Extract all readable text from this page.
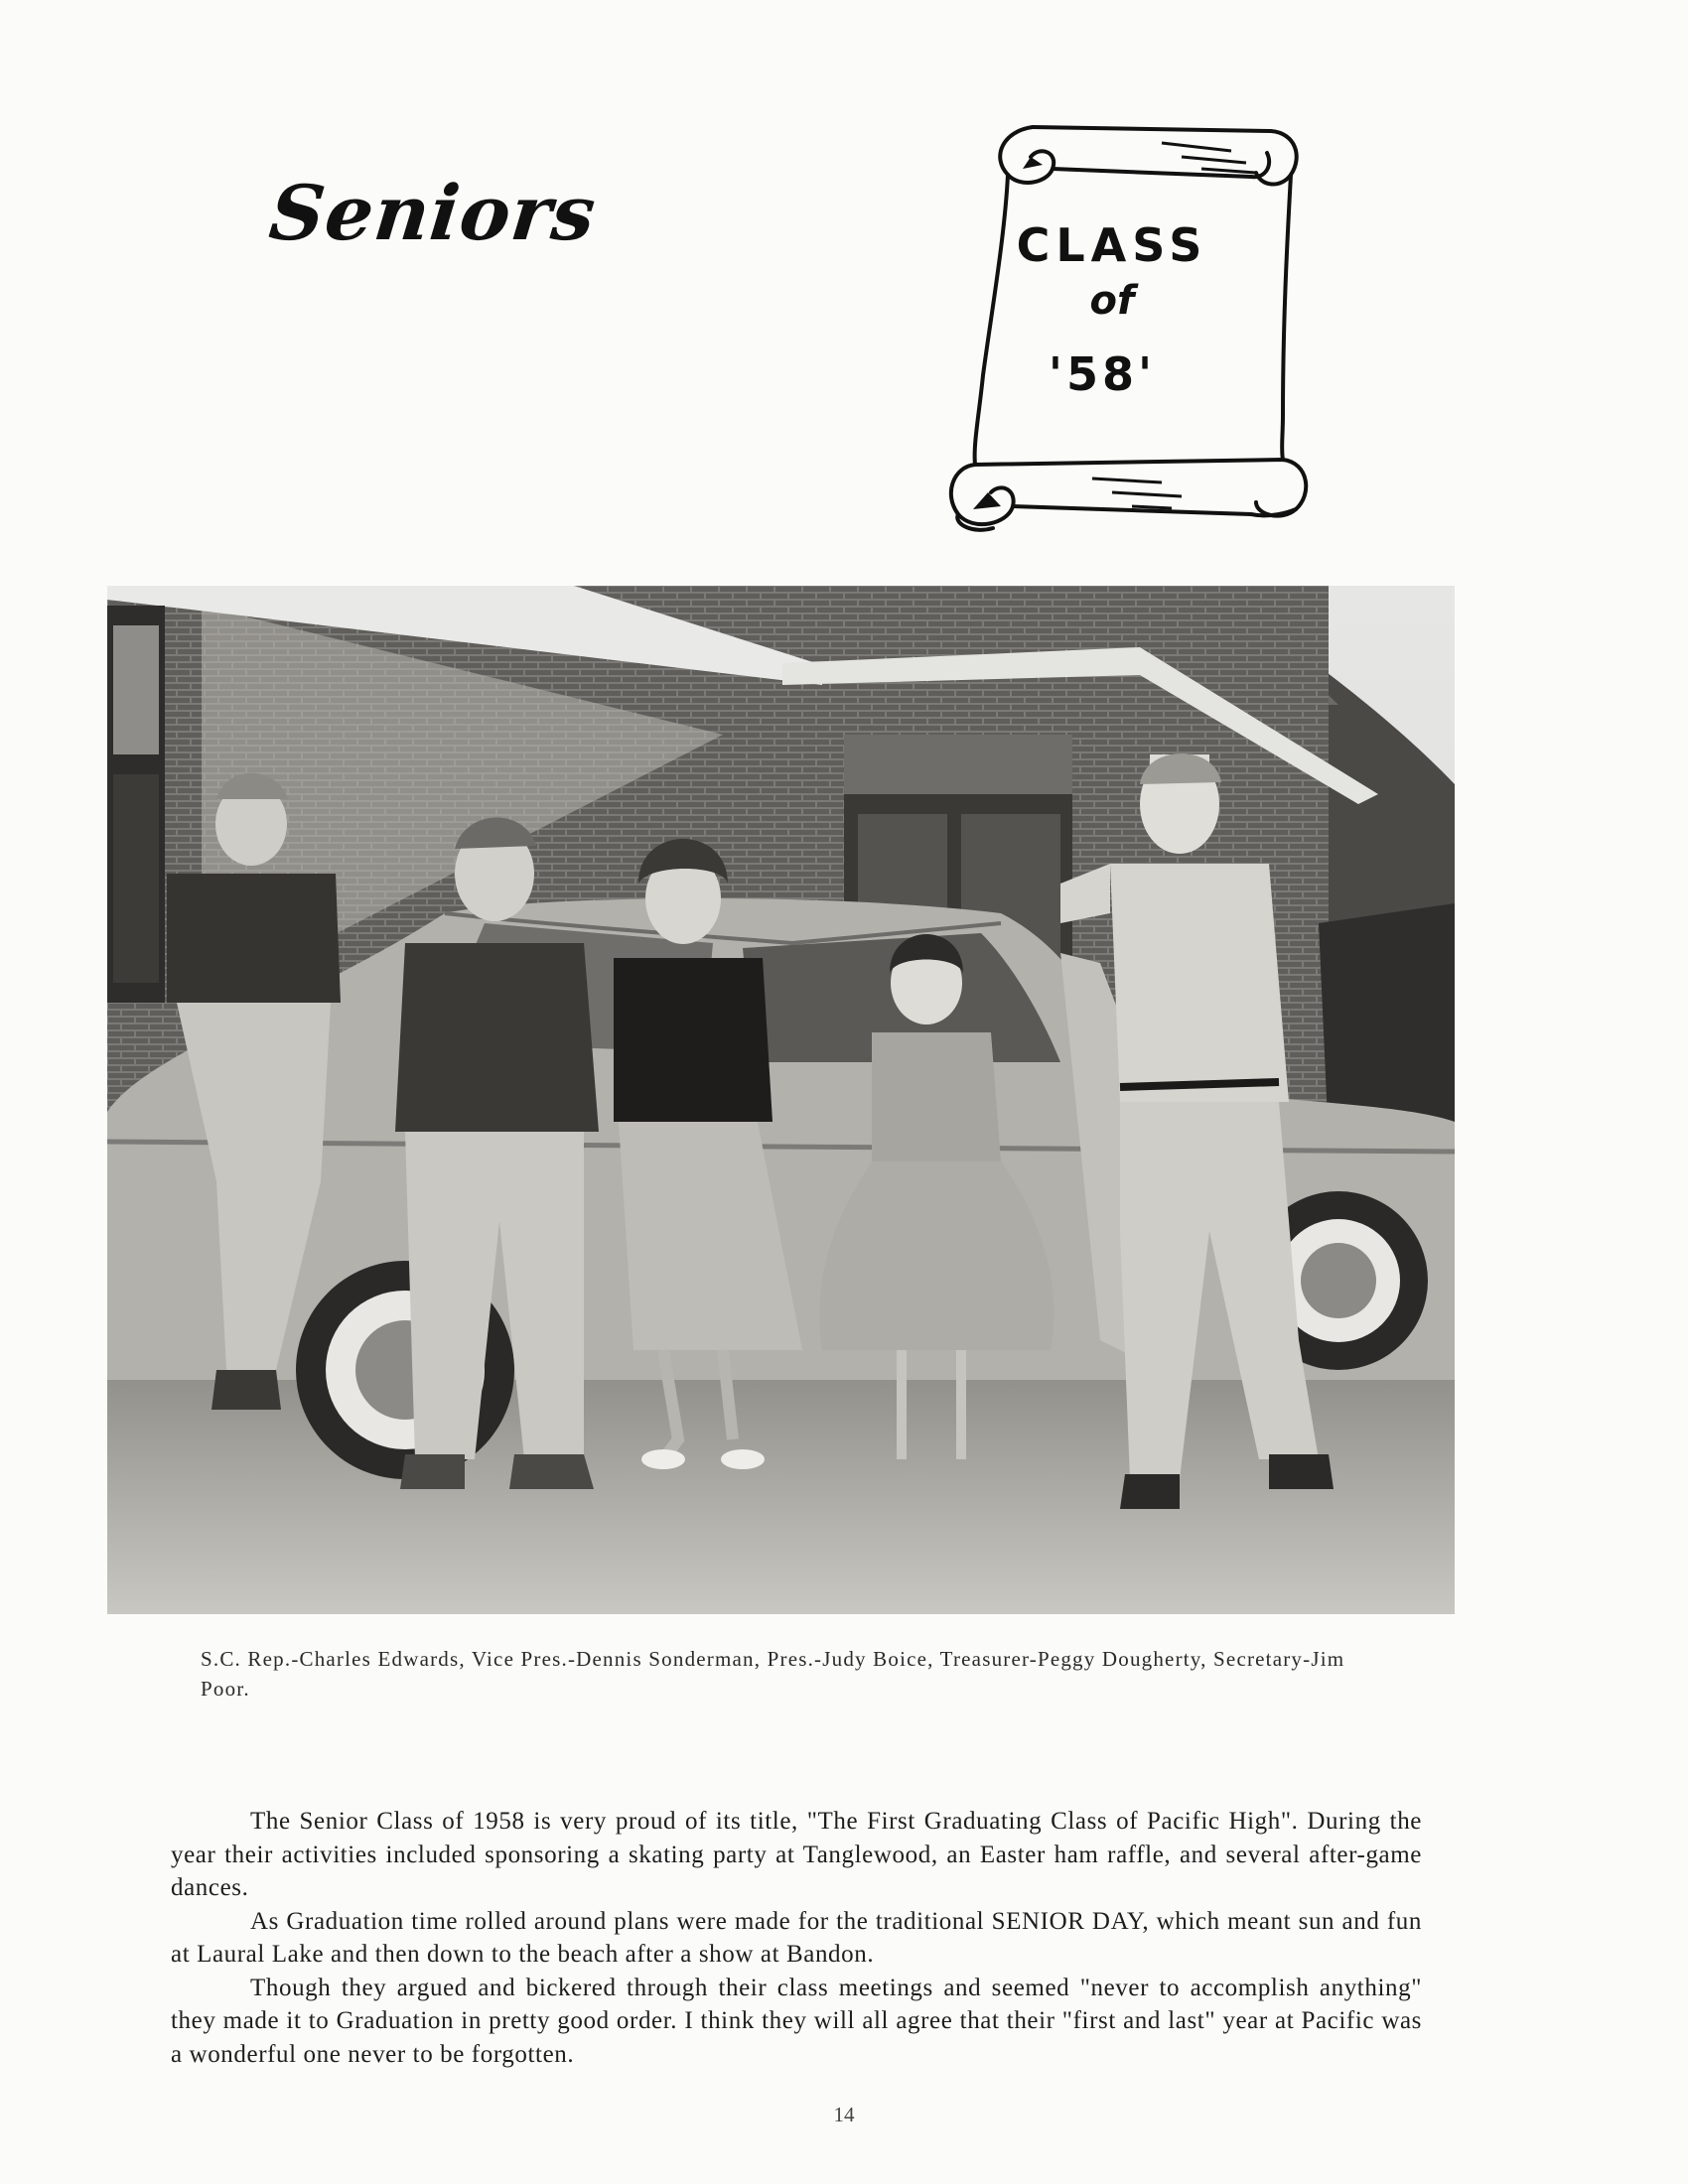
Seniors	CLASS
of
'58'
S.C. Rep.-Charles Edwards, Vice Pres.-Dennis Sonderman, Pres.-Judy Boice, Treasurer-Peggy Dougherty, Secretary-Jim Poor.

The Senior Class of 1958 is very proud of its title, "The First Graduating Class of Pacific High". During the year their activities included sponsoring a skating party at Tanglewood, an Easter ham raffle, and several after-game dances.

As Graduation time rolled around plans were made for the traditional SENIOR DAY, which meant sun and fun at Laural Lake and then down to the beach after a show at Bandon.

Though they argued and bickered through their class meetings and seemed "never to accomplish anything" they made it to Graduation in pretty good order. I think they will all agree that their "first and last" year at Pacific was a wonderful one never to be forgotten.

14
